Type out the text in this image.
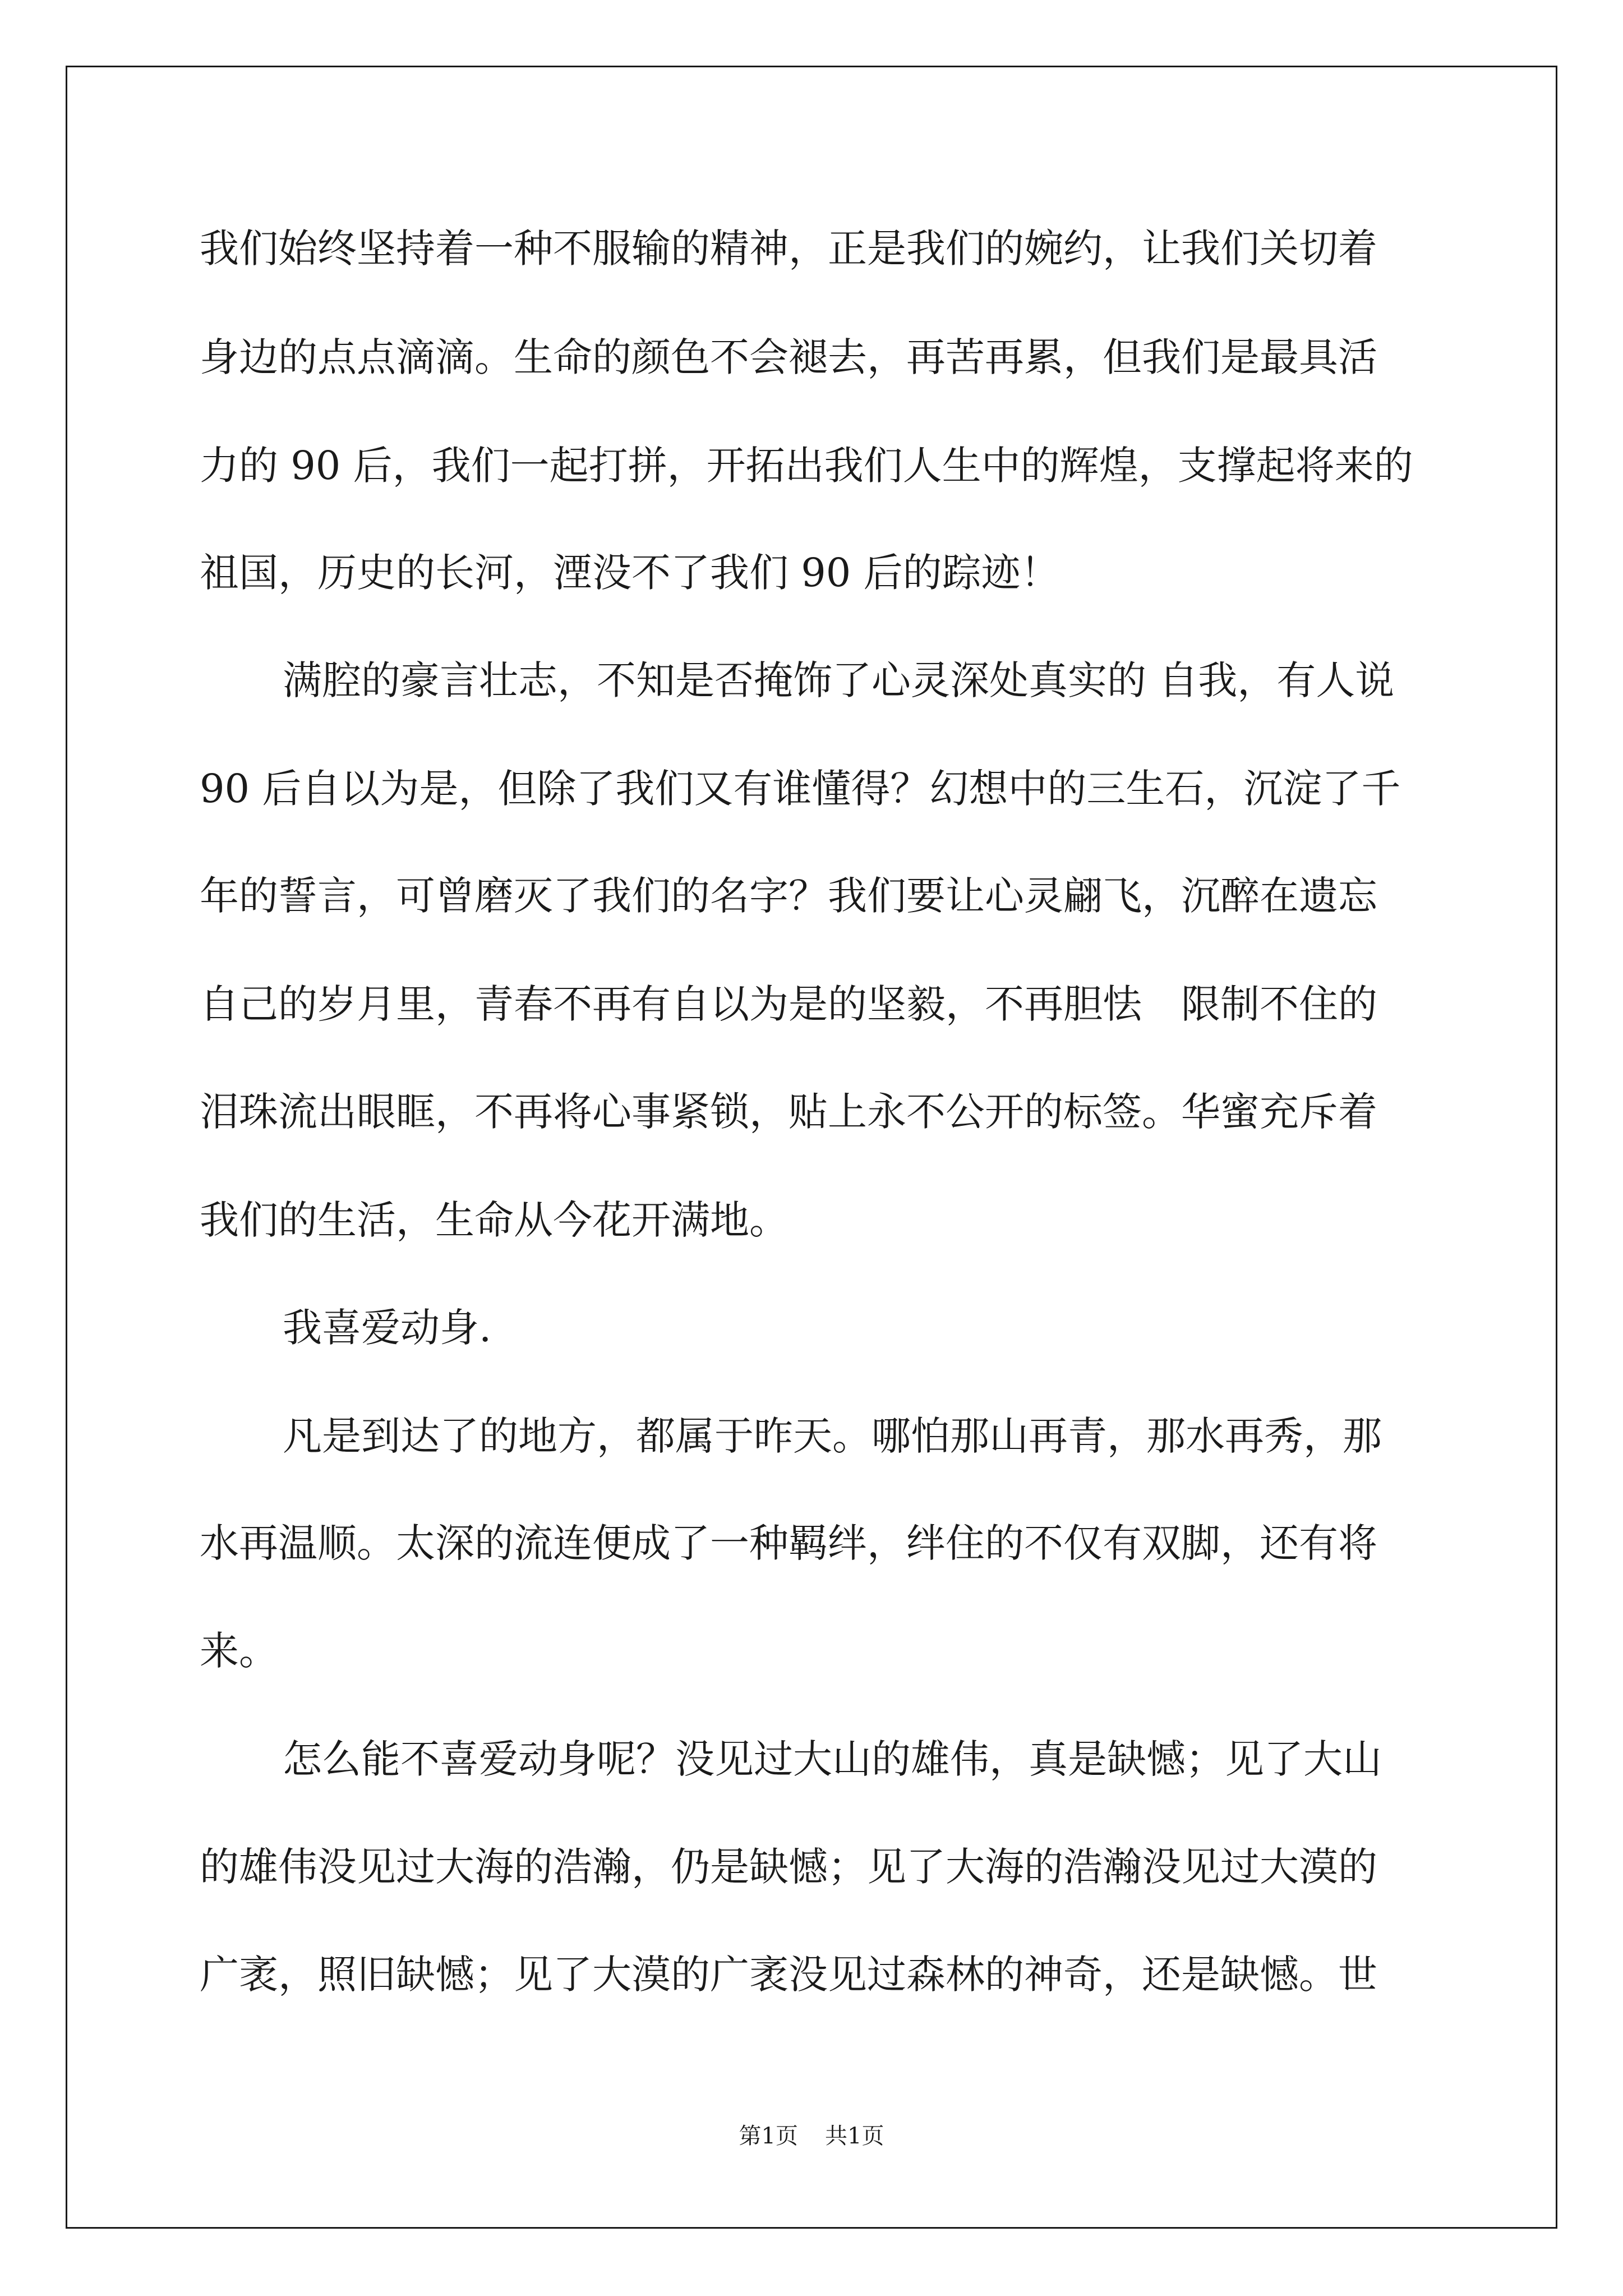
我们始终坚持着一种不服输的精神，正是我们的婉约，让我们关切着

身边的点点滴滴。生命的颜色不会褪去，再苦再累，但我们是最具活

力的 90 后，我们一起打拼，开拓出我们人生中的辉煌，支撑起将来的

祖国，历史的长河，湮没不了我们 90 后的踪迹！

满腔的豪言壮志，不知是否掩饰了心灵深处真实的 自我，有人说

90 后自以为是，但除了我们又有谁懂得？幻想中的三生石，沉淀了千

年的誓言，可曾磨灭了我们的名字？我们要让心灵翩飞，沉醉在遗忘

自己的岁月里，青春不再有自以为是的坚毅，不再胆怯　限制不住的

泪珠流出眼眶，不再将心事紧锁，贴上永不公开的标签。华蜜充斥着

我们的生活，生命从今花开满地。

我喜爱动身.

凡是到达了的地方，都属于昨天。哪怕那山再青，那水再秀，那

水再温顺。太深的流连便成了一种羁绊，绊住的不仅有双脚，还有将

来。

怎么能不喜爱动身呢？没见过大山的雄伟，真是缺憾；见了大山

的雄伟没见过大海的浩瀚，仍是缺憾；见了大海的浩瀚没见过大漠的

广袤，照旧缺憾；见了大漠的广袤没见过森林的神奇，还是缺憾。世

第1页 共1页
